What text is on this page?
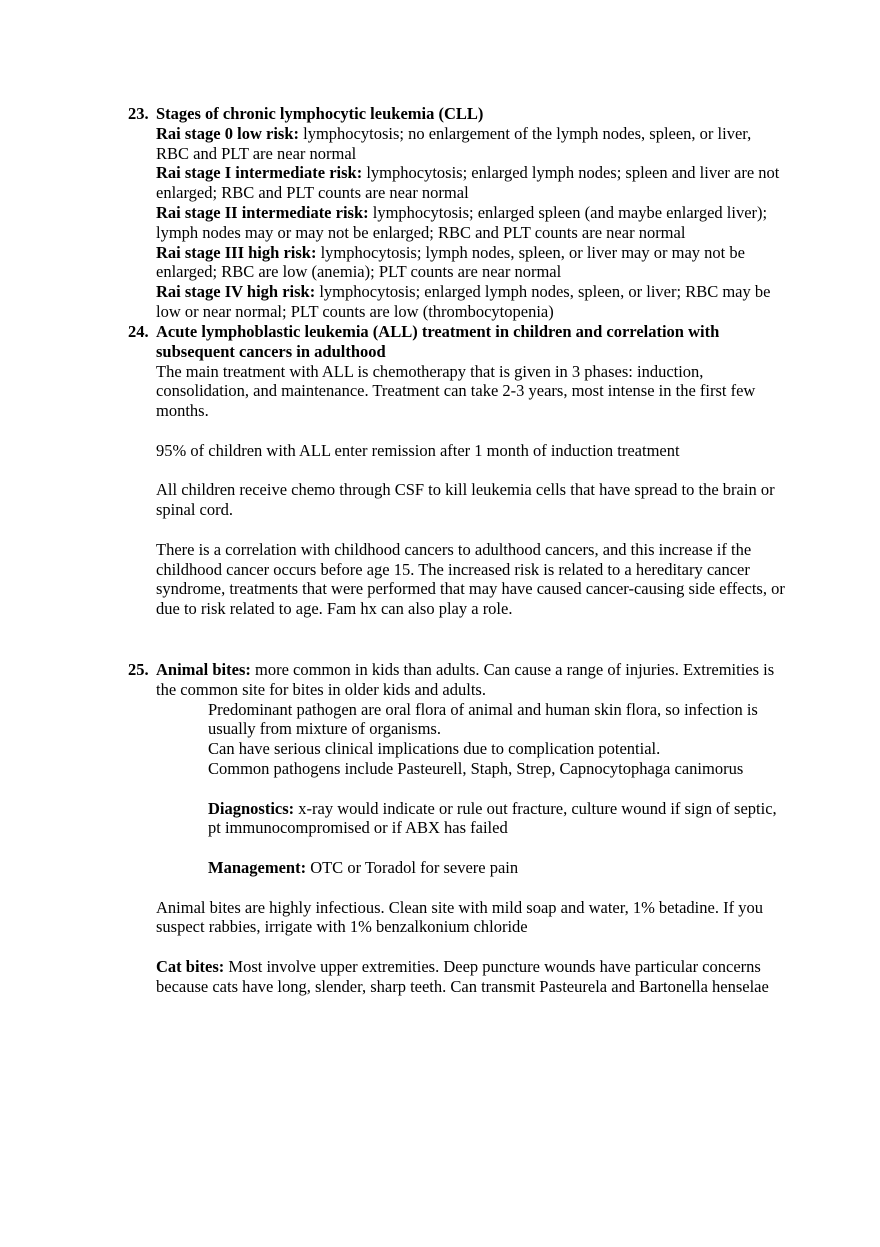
23. Stages of chronic lymphocytic leukemia (CLL)

Rai stage 0 low risk: lymphocytosis; no enlargement of the lymph nodes, spleen, or liver, RBC and PLT are near normal

Rai stage I intermediate risk: lymphocytosis; enlarged lymph nodes; spleen and liver are not enlarged; RBC and PLT counts are near normal

Rai stage II intermediate risk: lymphocytosis; enlarged spleen (and maybe enlarged liver); lymph nodes may or may not be enlarged; RBC and PLT counts are near normal

Rai stage III high risk: lymphocytosis; lymph nodes, spleen, or liver may or may not be enlarged; RBC are low (anemia); PLT counts are near normal

Rai stage IV high risk: lymphocytosis; enlarged lymph nodes, spleen, or liver; RBC may be low or near normal; PLT counts are low (thrombocytopenia)

24. Acute lymphoblastic leukemia (ALL) treatment in children and correlation with subsequent cancers in adulthood

The main treatment with ALL is chemotherapy that is given in 3 phases: induction, consolidation, and maintenance. Treatment can take 2-3 years, most intense in the first few months.

95% of children with ALL enter remission after 1 month of induction treatment

All children receive chemo through CSF to kill leukemia cells that have spread to the brain or spinal cord.

There is a correlation with childhood cancers to adulthood cancers, and this increase if the childhood cancer occurs before age 15. The increased risk is related to a hereditary cancer syndrome, treatments that were performed that may have caused cancer-causing side effects, or due to risk related to age. Fam hx can also play a role.

25. Animal bites: more common in kids than adults. Can cause a range of injuries. Extremities is the common site for bites in older kids and adults.

Predominant pathogen are oral flora of animal and human skin flora, so infection is usually from mixture of organisms.

Can have serious clinical implications due to complication potential.

Common pathogens include Pasteurell, Staph, Strep, Capnocytophaga canimorus

Diagnostics: x-ray would indicate or rule out fracture, culture wound if sign of septic, pt immunocompromised or if ABX has failed

Management: OTC or Toradol for severe pain

Animal bites are highly infectious. Clean site with mild soap and water, 1% betadine. If you suspect rabbies, irrigate with 1% benzalkonium chloride

Cat bites: Most involve upper extremities. Deep puncture wounds have particular concerns because cats have long, slender, sharp teeth. Can transmit Pasteurela and Bartonella henselae
